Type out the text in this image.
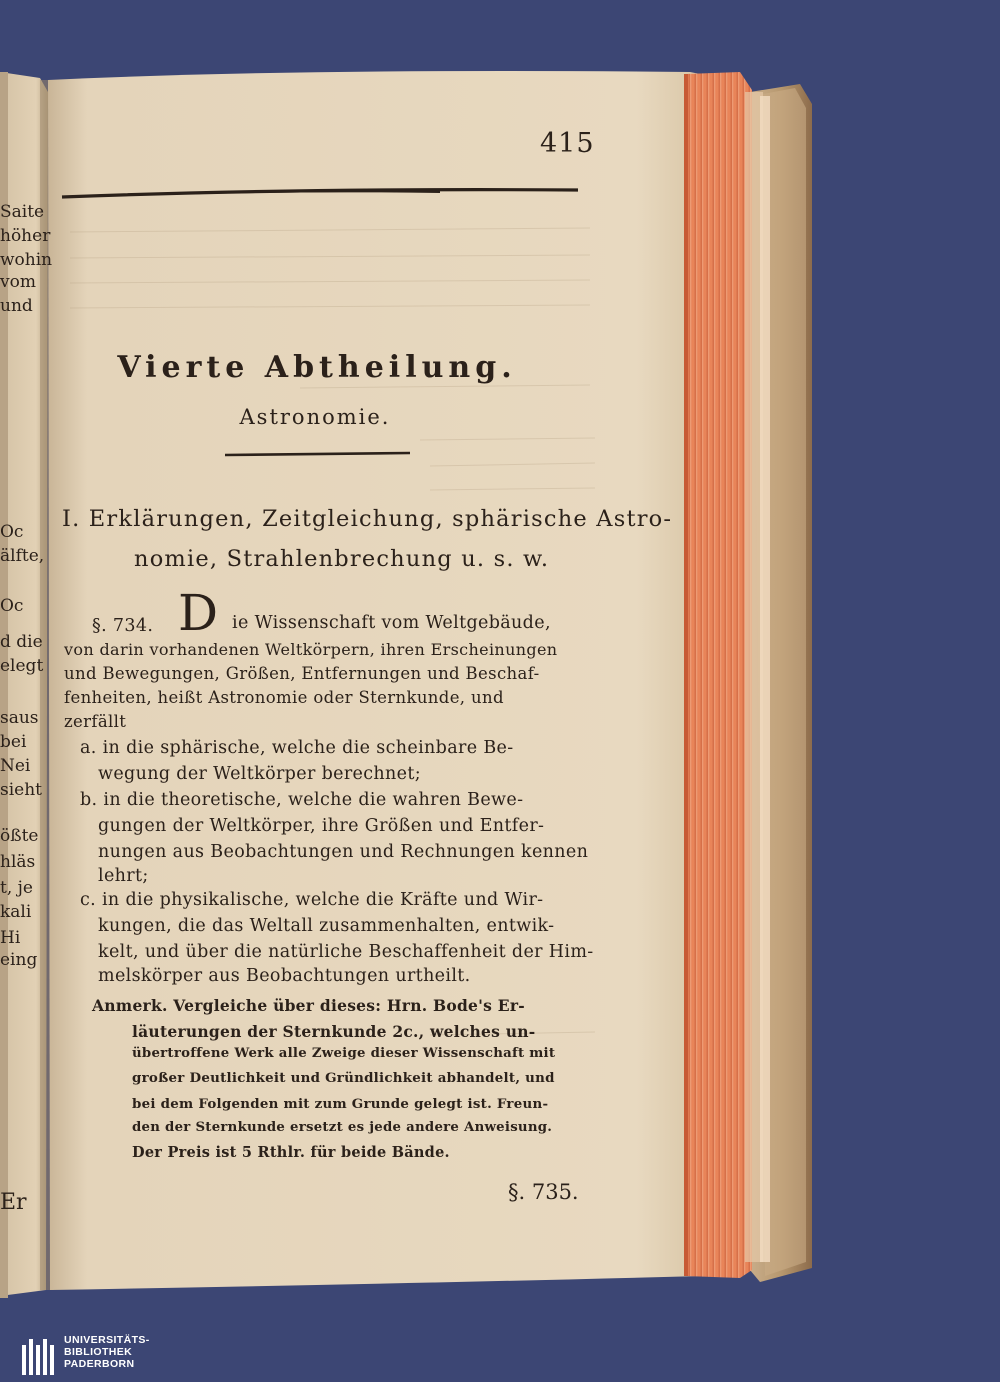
415
Vierte Abtheilung.
Astronomie.
I. Erklärungen, Zeitgleichung, sphärische Astro-
nomie, Strahlenbrechung u. s. w.
§. 734. D ie Wissenschaft vom Weltgebäude,
von darin vorhandenen Weltkörpern, ihren Erscheinungen
und Bewegungen, Größen, Entfernungen und Beschaf-
fenheiten, heißt Astronomie oder Sternkunde, und
zerfällt
a. in die sphärische, welche die scheinbare Be-
wegung der Weltkörper berechnet;
b. in die theoretische, welche die wahren Bewe-
gungen der Weltkörper, ihre Größen und Entfer-
nungen aus Beobachtungen und Rechnungen kennen
lehrt;
c. in die physikalische, welche die Kräfte und Wir-
kungen, die das Weltall zusammenhalten, entwik-
kelt, und über die natürliche Beschaffenheit der Him-
melskörper aus Beobachtungen urtheilt.
Anmerk. Vergleiche über dieses: Hrn. Bode's Er-
läuterungen der Sternkunde 2c., welches un-
übertroffene Werk alle Zweige dieser Wissenschaft mit
großer Deutlichkeit und Gründlichkeit abhandelt, und
bei dem Folgenden mit zum Grunde gelegt ist. Freun-
den der Sternkunde ersetzt es jede andere Anweisung.
Der Preis ist 5 Rthlr. für beide Bände.
§. 735.
Saite
höher
wohin
vom
und
Oc
älfte,
Oc
d die
elegt
saus
bei
Nei
sieht
ößte
hläs
t, je
kali
Hi
eing
Er
UNIVERSITÄTS-
BIBLIOTHEK
PADERBORN
